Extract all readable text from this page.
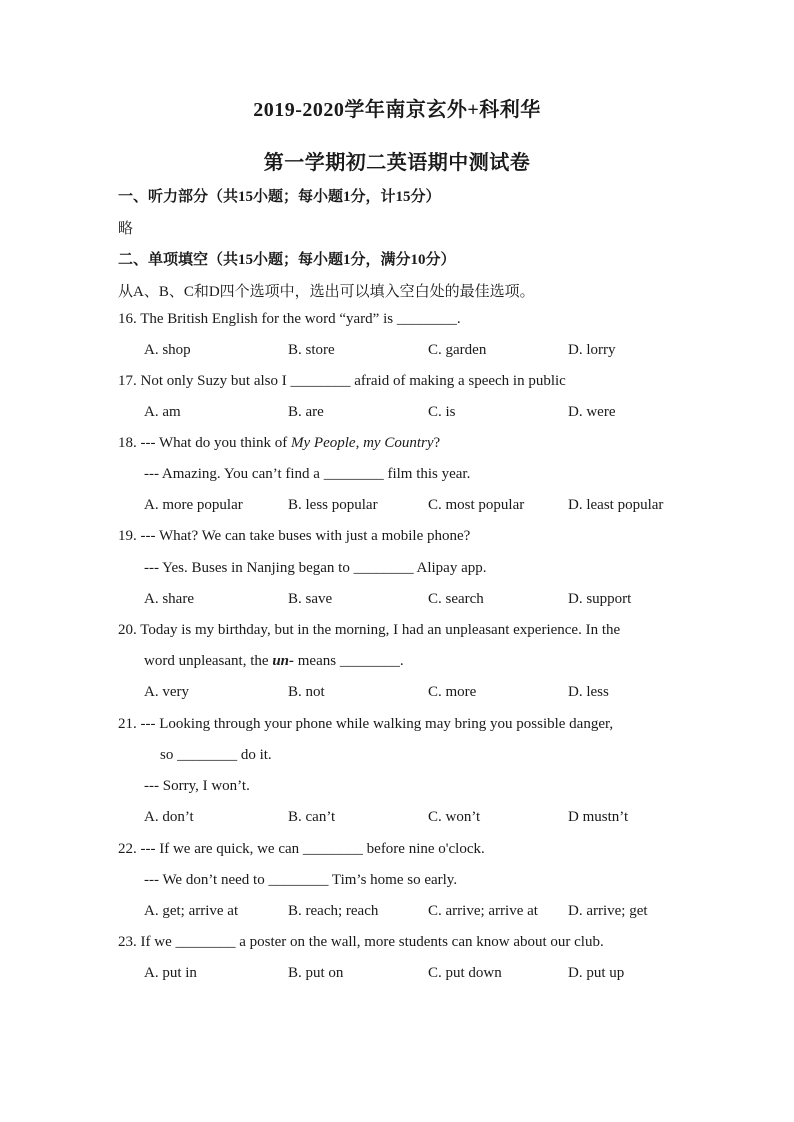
2019-2020学年南京玄外+科利华
第一学期初二英语期中测试卷
一、听力部分（共15小题；每小题1分，计15分）
略
二、单项填空（共15小题；每小题1分，满分10分）
从A、B、C和D四个选项中，选出可以填入空白处的最佳选项。
16. The British English for the word “yard” is ________.
A. shop	B. store	C. garden	D. lorry
17. Not only Suzy but also I ________ afraid of making a speech in public
A. am	B. are	C. is	D. were
18. --- What do you think of My People, my Country?
--- Amazing. You can’t find a ________ film this year.
A. more popular	B. less popular	C. most popular	D. least popular
19. --- What? We can take buses with just a mobile phone?
--- Yes. Buses in Nanjing began to ________ Alipay app.
A. share	B. save	C. search	D. support
20. Today is my birthday, but in the morning, I had an unpleasant experience. In the
word unpleasant, the un- means ________.
A. very	B. not	C. more	D. less
21. --- Looking through your phone while walking may bring you possible danger,
so ________ do it.
--- Sorry, I won’t.
A. don’t	B. can’t	C. won’t	D mustn’t
22. --- If we are quick, we can ________ before nine o'clock.
--- We don’t need to ________ Tim’s home so early.
A. get; arrive at	B. reach; reach	C. arrive; arrive at D. arrive; get
23. If we ________ a poster on the wall, more students can know about our club.
A. put in	B. put on	C. put down	D. put up
